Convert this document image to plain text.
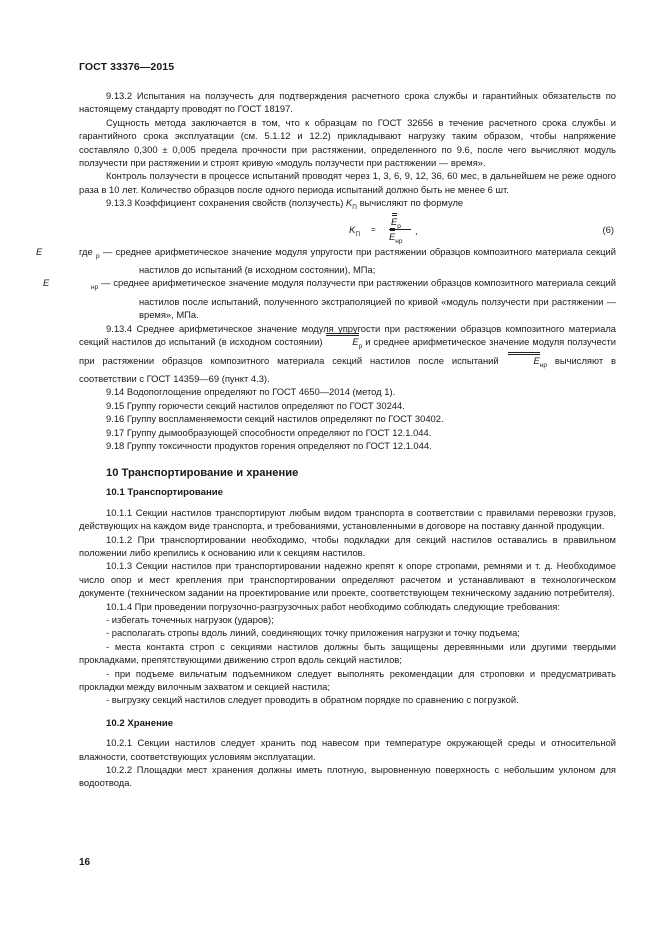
ГОСТ 33376—2015

9.13.2 Испытания на ползучесть для подтверждения расчетного срока службы и гарантийных обязательств по настоящему стандарту проводят по ГОСТ 18197.

Сущность метода заключается в том, что к образцам по ГОСТ 32656 в течение расчетного срока службы и гарантийного срока эксплуатации (см. 5.1.12 и 12.2) прикладывают нагрузку таким образом, чтобы напряжение составляло 0,300 ± 0,005 предела прочности при растяжении, определенного по 9.6, после чего вычисляют модуль ползучести при растяжении и строят кривую «модуль ползучести при растяжении — время».

Контроль ползучести в процессе испытаний проводят через 1, 3, 6, 9, 12, 36, 60 мес, в дальнейшем не реже одного раза в 10 лет. Количество образцов после одного периода испытаний должно быть не менее 6 шт.

9.13.3 Коэффициент сохранения свойств (ползучесть) $K_П$ вычисляют по формуле

$K_П$
=
$E_р$
$E_{нр}$
,	(6)

где E	$_р$ — среднее арифметическое значение модуля упругости при растяжении образцов композитного материала секций настилов до испытаний (в исходном состоянии), МПа;

E	$_{нр}$ — среднее арифметическое значение модуля ползучести при растяжении образцов композитного материала секций настилов после испытаний, полученного экстраполяцией по кривой «модуль ползучести при растяжении — время», МПа.

9.13.4 Среднее арифметическое значение модуля упругости при растяжении образцов композитного материала секций настилов до испытаний (в исходном состоянии)	$E_р$ и среднее арифметическое значение модуля ползучести при растяжении образцов композитного материала секций настилов после испытаний	$E_{нр}$ вычисляют в соответствии с ГОСТ 14359—69 (пункт 4.3).

9.14 Водопоглощение определяют по ГОСТ 4650—2014 (метод 1).

9.15 Группу горючести секций настилов определяют по ГОСТ 30244.

9.16 Группу воспламеняемости секций настилов определяют по ГОСТ 30402.

9.17 Группу дымообразующей способности определяют по ГОСТ 12.1.044.

9.18 Группу токсичности продуктов горения определяют по ГОСТ 12.1.044.

10 Транспортирование и хранение
10.1 Транспортирование

10.1.1 Секции настилов транспортируют любым видом транспорта в соответствии с правилами перевозки грузов, действующих на каждом виде транспорта, и требованиями, установленными в договоре на поставку данной продукции.

10.1.2 При транспортировании необходимо, чтобы подкладки для секций настилов оставались в правильном положении либо крепились к основанию или к секциям настилов.

10.1.3 Секции настилов при транспортировании надежно крепят к опоре стропами, ремнями и т. д. Необходимое число опор и мест крепления при транспортировании определяют расчетом и устанавливают в технологическом документе (техническом задании на проектирование или проекте, соответствующем техническому заданию потребителя).

10.1.4 При проведении погрузочно-разгрузочных работ необходимо соблюдать следующие требования:

- избегать точечных нагрузок (ударов);

- располагать стропы вдоль линий, соединяющих точку приложения нагрузки и точку подъема;

- места контакта строп с секциями настилов должны быть защищены деревянными или другими твердыми прокладками, препятствующими движению строп вдоль секций настилов;

- при подъеме вильчатым подъемником следует выполнять рекомендации для строповки и предусматривать прокладки между вилочным захватом и секцией настила;

- выгрузку секций настилов следует проводить в обратном порядке по сравнению с погрузкой.

10.2 Хранение

10.2.1 Секции настилов следует хранить под навесом при температуре окружающей среды и относительной влажности, соответствующих условиям эксплуатации.

10.2.2 Площадки мест хранения должны иметь плотную, выровненную поверхность с небольшим уклоном для водоотвода.

16
